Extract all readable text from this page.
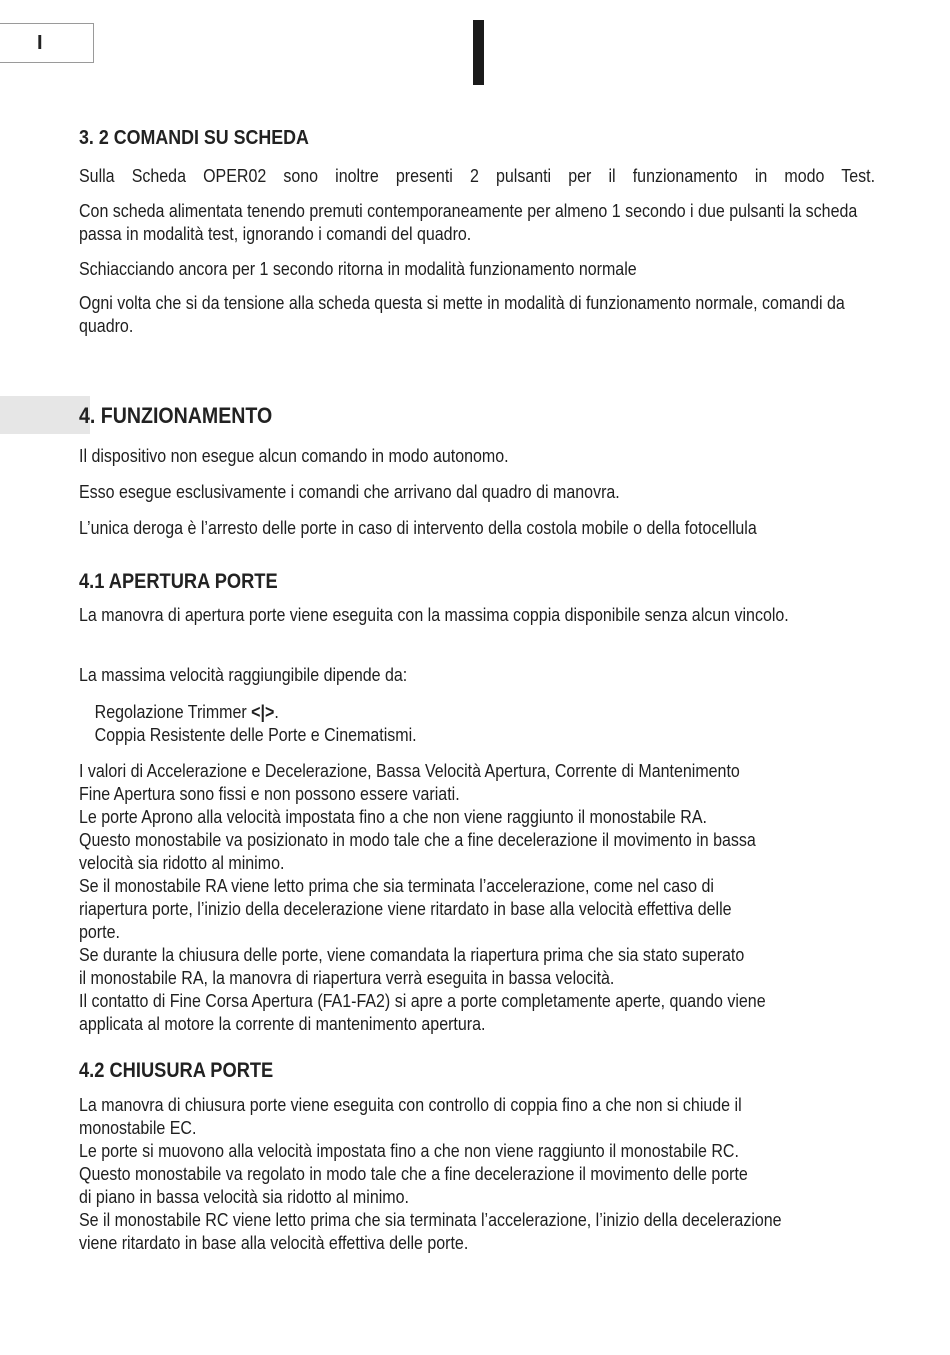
I
3. 2 COMANDI SU SCHEDA

Sulla Scheda OPER02 sono inoltre presenti 2 pulsanti per il funzionamento in modo Test.

Con scheda alimentata tenendo premuti contemporaneamente per almeno 1 secondo i due pulsanti la scheda passa in modalità test, ignorando i comandi del quadro.

Schiacciando ancora per 1 secondo ritorna in modalità funzionamento normale

Ogni volta che si da tensione alla scheda questa si mette in modalità di funzionamento normale, comandi da quadro.

4. FUNZIONAMENTO

Il dispositivo non esegue alcun comando in modo autonomo.

Esso esegue esclusivamente i comandi che arrivano dal quadro di manovra.

L’unica deroga è l’arresto delle porte in caso di intervento della costola mobile o della fotocellula

4.1 APERTURA PORTE

La manovra di apertura porte viene eseguita con la massima coppia disponibile senza alcun vincolo.

La massima velocità raggiungibile dipende da:

Regolazione Trimmer <|>.

Coppia Resistente delle Porte e Cinematismi.

I valori di Accelerazione e Decelerazione, Bassa Velocità Apertura, Corrente di Mantenimento
Fine Apertura sono fissi e non possono essere variati.
Le porte Aprono alla velocità impostata fino a che non viene raggiunto il monostabile RA.
Questo monostabile va posizionato in modo tale che a fine decelerazione il movimento in bassa
velocità sia ridotto al minimo.
Se il monostabile RA viene letto prima che sia terminata l’accelerazione, come nel caso di
riapertura porte, l’inizio della decelerazione viene ritardato in base alla velocità effettiva delle
porte.
Se durante la chiusura delle porte, viene comandata la riapertura prima che sia stato superato
il monostabile RA, la manovra di riapertura verrà eseguita in bassa velocità.
Il contatto di Fine Corsa Apertura (FA1-FA2) si apre a porte completamente aperte, quando viene
applicata al motore la corrente di mantenimento apertura.
4.2 CHIUSURA PORTE
La manovra di chiusura porte viene eseguita con controllo di coppia fino a che non si chiude il
monostabile EC.
Le porte si muovono alla velocità impostata fino a che non viene raggiunto il monostabile RC.
Questo monostabile va regolato in modo tale che a fine decelerazione il movimento delle porte
di piano in bassa velocità sia ridotto al minimo.
Se il monostabile RC viene letto prima che sia terminata l’accelerazione, l’inizio della decelerazione
viene ritardato in base alla velocità effettiva delle porte.
